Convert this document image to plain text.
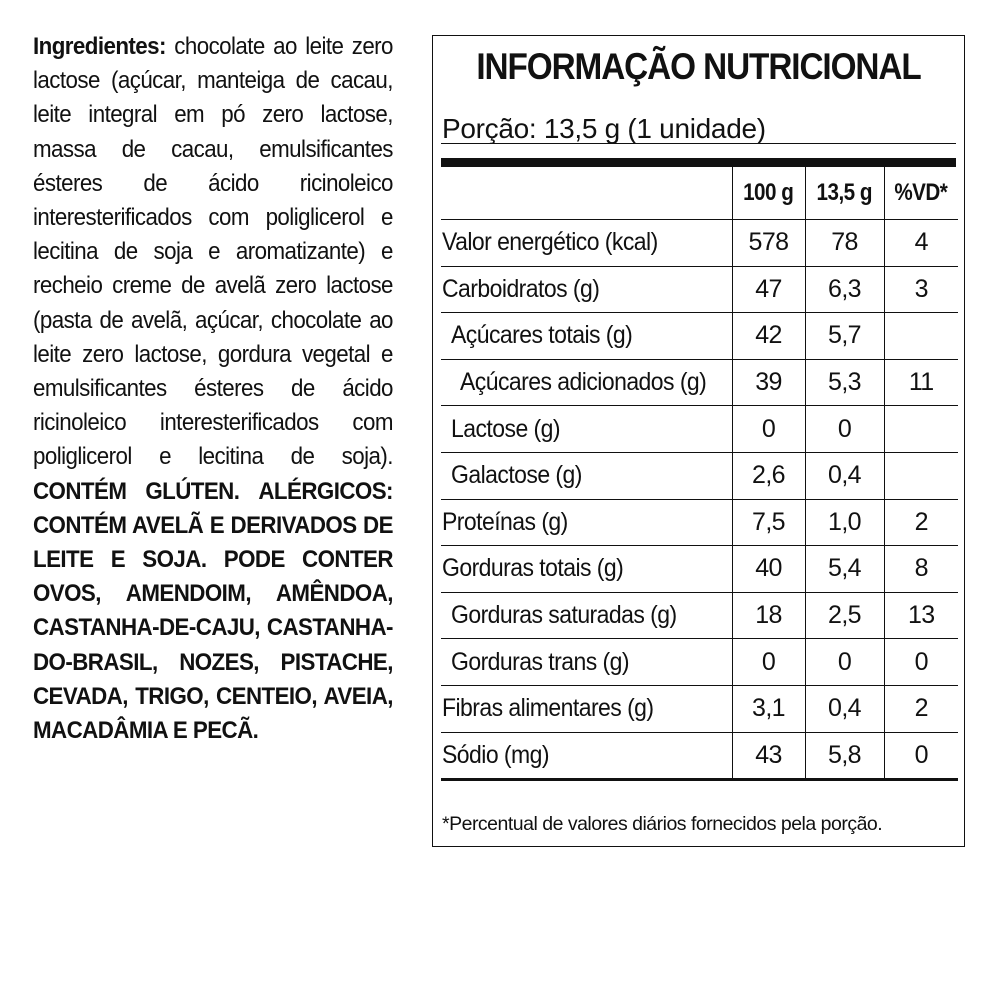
Ingredientes: chocolate ao leite zero lactose (açúcar, manteiga de cacau, leite integral em pó zero lactose, massa de cacau, emulsificantes ésteres de ácido ricinoleico interesterificados com poliglicerol e lecitina de soja e aromatizante) e recheio creme de avelã zero lactose (pasta de avelã, açúcar, chocolate ao leite zero lactose, gordura vegetal e emulsificantes ésteres de ácido ricinoleico interesterificados com poliglicerol e lecitina de soja). CONTÉM GLÚTEN. ALÉRGICOS: CONTÉM AVELÃ E DERIVADOS DE LEITE E SOJA. PODE CONTER OVOS, AMENDOIM, AMÊNDOA, CASTANHA-DE-CAJU, CASTANHA-DO-BRASIL, NOZES, PISTACHE, CEVADA, TRIGO, CENTEIO, AVEIA, MACADÂMIA E PECÃ.
INFORMAÇÃO NUTRICIONAL
Porção: 13,5 g (1 unidade)
	100 g	13,5 g	%VD*
Valor energético (kcal)	578	78	4
Carboidratos (g)	47	6,3	3
Açúcares totais (g)	42	5,7	
Açúcares adicionados (g)	39	5,3	11
Lactose (g)	0	0	
Galactose (g)	2,6	0,4	
Proteínas (g)	7,5	1,0	2
Gorduras totais (g)	40	5,4	8
Gorduras saturadas (g)	18	2,5	13
Gorduras trans (g)	0	0	0
Fibras alimentares (g)	3,1	0,4	2
Sódio (mg)	43	5,8	0
*Percentual de valores diários fornecidos pela porção.
